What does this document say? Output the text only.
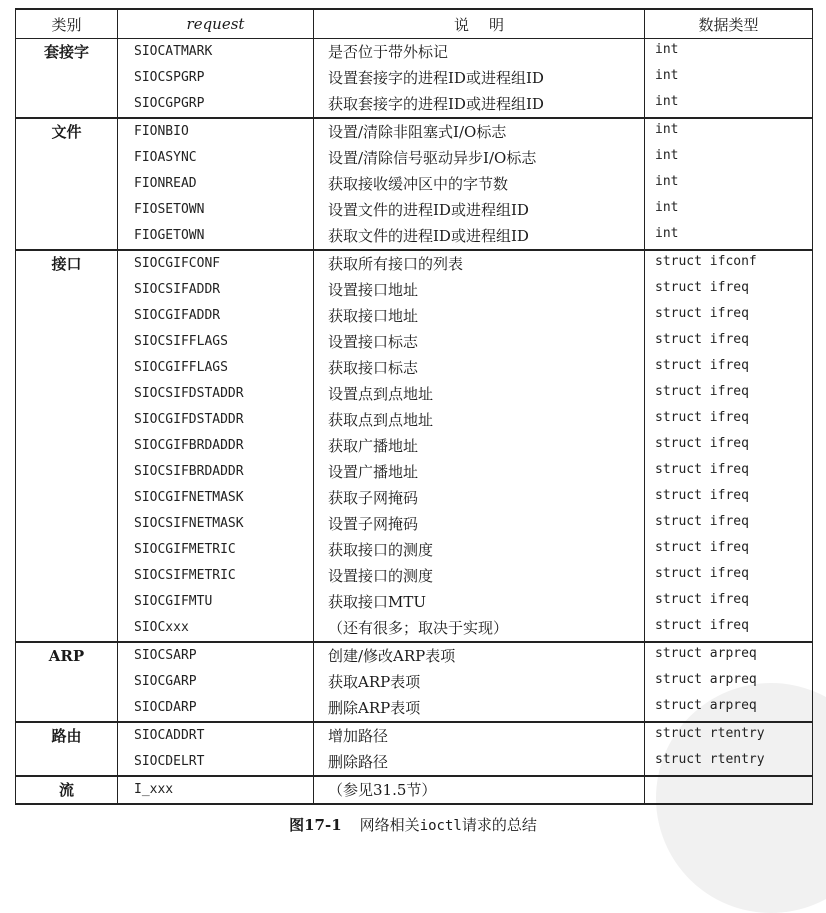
类别	request	说明	数据类型
套接字	SIOCATMARK	是否位于带外标记	int
	SIOCSPGRP	设置套接字的进程ID或进程组ID	int
	SIOCGPGRP	获取套接字的进程ID或进程组ID	int
文件	FIONBIO	设置/清除非阻塞式I/O标志	int
	FIOASYNC	设置/清除信号驱动异步I/O标志	int
	FIONREAD	获取接收缓冲区中的字节数	int
	FIOSETOWN	设置文件的进程ID或进程组ID	int
	FIOGETOWN	获取文件的进程ID或进程组ID	int
接口	SIOCGIFCONF	获取所有接口的列表	struct ifconf
	SIOCSIFADDR	设置接口地址	struct ifreq
	SIOCGIFADDR	获取接口地址	struct ifreq
	SIOCSIFFLAGS	设置接口标志	struct ifreq
	SIOCGIFFLAGS	获取接口标志	struct ifreq
	SIOCSIFDSTADDR	设置点到点地址	struct ifreq
	SIOCGIFDSTADDR	获取点到点地址	struct ifreq
	SIOCGIFBRDADDR	获取广播地址	struct ifreq
	SIOCSIFBRDADDR	设置广播地址	struct ifreq
	SIOCGIFNETMASK	获取子网掩码	struct ifreq
	SIOCSIFNETMASK	设置子网掩码	struct ifreq
	SIOCGIFMETRIC	获取接口的测度	struct ifreq
	SIOCSIFMETRIC	设置接口的测度	struct ifreq
	SIOCGIFMTU	获取接口MTU	struct ifreq
	SIOCxxx	（还有很多；取决于实现）	struct ifreq
ARP	SIOCSARP	创建/修改ARP表项	struct arpreq
	SIOCGARP	获取ARP表项	struct arpreq
	SIOCDARP	删除ARP表项	struct arpreq
路由	SIOCADDRT	增加路径	struct rtentry
	SIOCDELRT	删除路径	struct rtentry
流	I_xxx	（参见31.5节）	
图17-1 网络相关ioctl请求的总结
